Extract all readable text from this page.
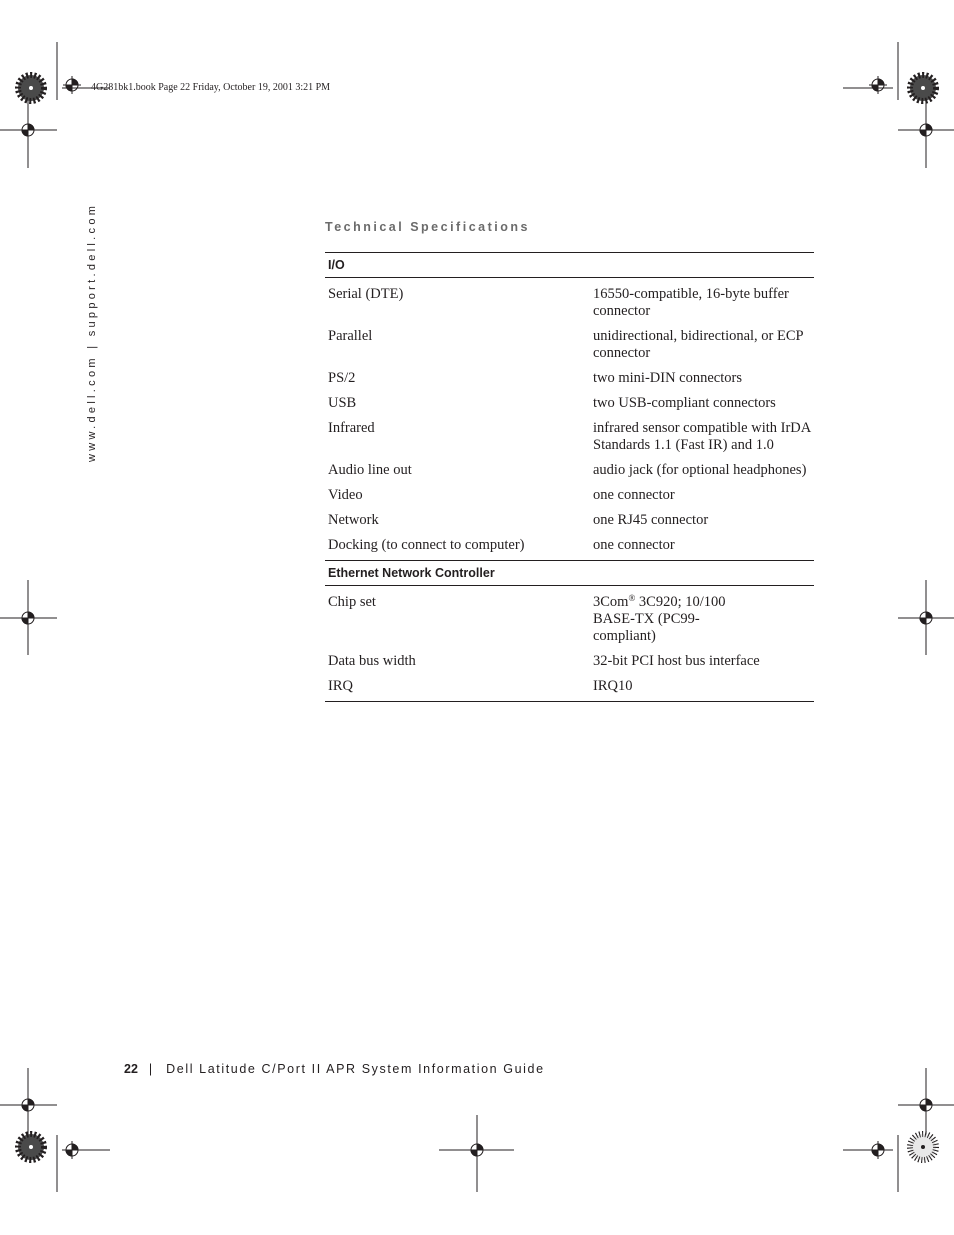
4G281bk1.book Page 22 Friday, October 19, 2001 3:21 PM
www.dell.com | support.dell.com	Technical Specifications
I/O	
Serial (DTE)	16550-compatible, 16-byte buffer connector
Parallel	unidirectional, bidirectional, or ECP connector
PS/2	two mini-DIN connectors
USB	two USB-compliant connectors
Infrared	infrared sensor compatible with IrDA Standards 1.1 (Fast IR) and 1.0
Audio line out	audio jack (for optional headphones)
Video	one connector
Network	one RJ45 connector
Docking (to connect to computer)	one connector
Ethernet Network Controller	
Chip set	3Com® 3C920; 10/100 BASE-TX (PC99-compliant)
Data bus width	32-bit PCI host bus interface
IRQ	IRQ10
22 | Dell Latitude C/Port II APR System Information Guide
